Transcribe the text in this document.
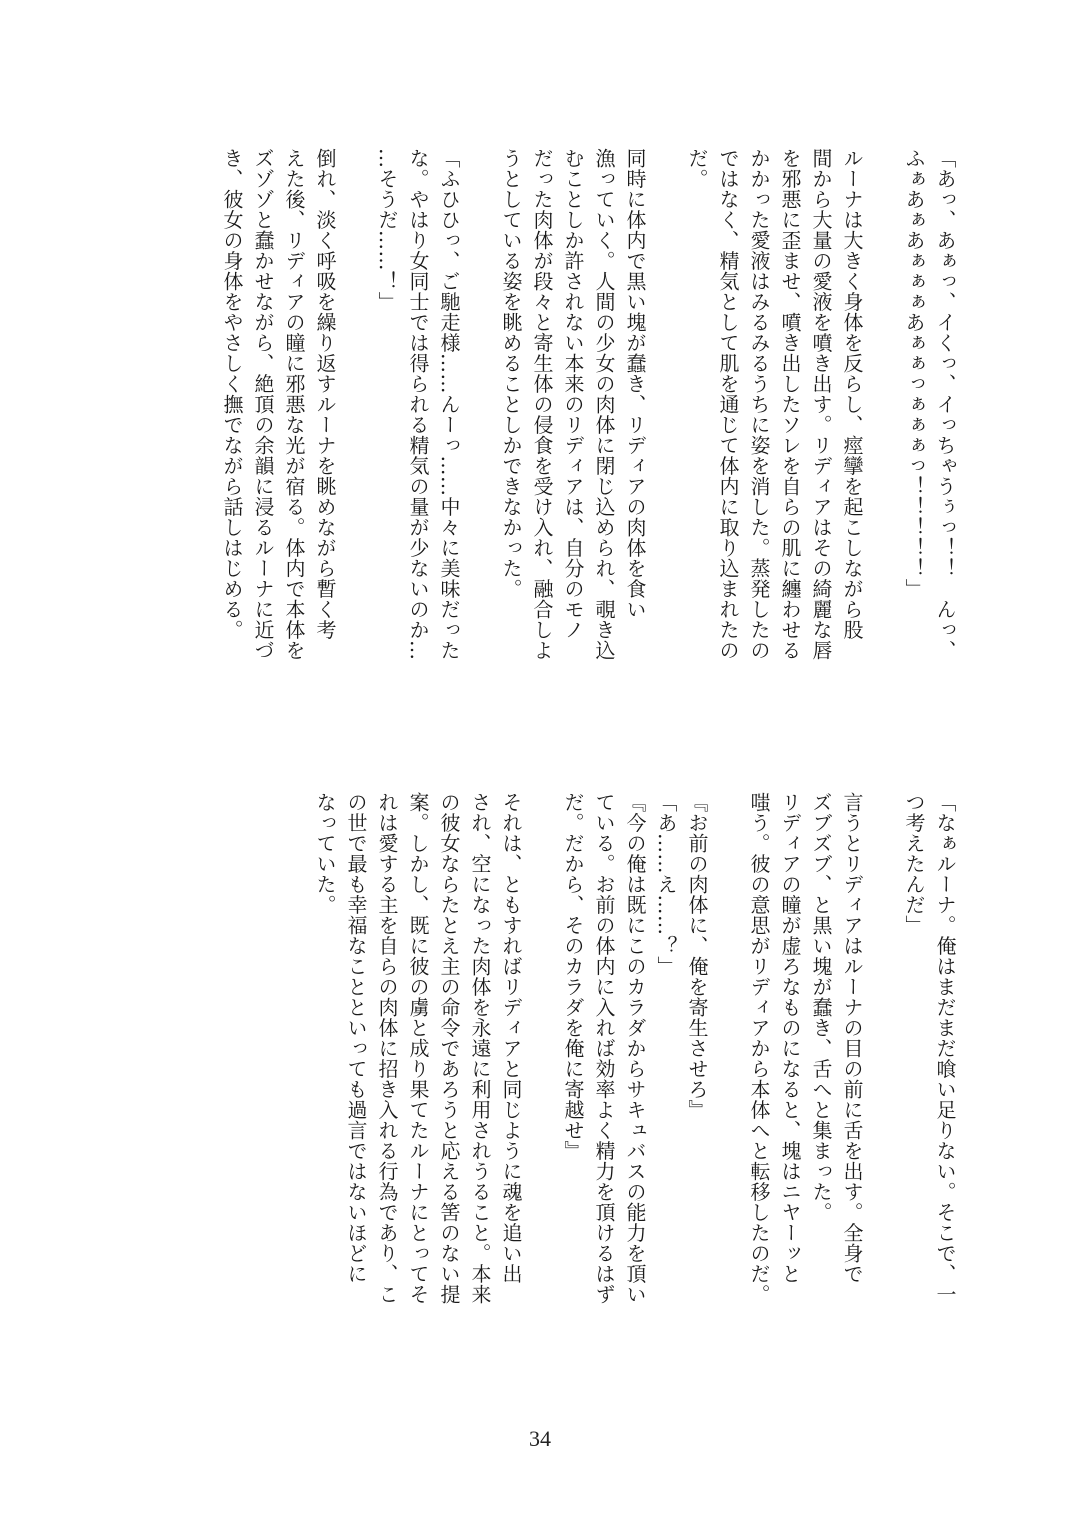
「あっ、あぁっ、イくっ、イっちゃうぅっ！！　んっ、

ふぁあぁあぁぁぁあぁぁっぁぁぁっ！！！！！」

ルーナは大きく身体を反らし、痙攣を起こしながら股

間から大量の愛液を噴き出す。リディアはその綺麗な唇

を邪悪に歪ませ、噴き出したソレを自らの肌に纏わせる

かかった愛液はみるみるうちに姿を消した。蒸発したの

ではなく、精気として肌を通じて体内に取り込まれたの

だ。

同時に体内で黒い塊が蠢き、リディアの肉体を食い

漁っていく。人間の少女の肉体に閉じ込められ、覗き込

むことしか許されない本来のリディアは、自分のモノ

だった肉体が段々と寄生体の侵食を受け入れ、融合しよ

うとしている姿を眺めることしかできなかった。

「ふひひっ、ご馳走様……んーっ……中々に美味だった

な。やはり女同士では得られる精気の量が少ないのか…

…そうだ……！」

倒れ、淡く呼吸を繰り返すルーナを眺めながら暫く考

えた後、リディアの瞳に邪悪な光が宿る。体内で本体を

ズゾゾと蠢かせながら、絶頂の余韻に浸るルーナに近づ

き、彼女の身体をやさしく撫でながら話しはじめる。

「なぁルーナ。俺はまだまだ喰い足りない。そこで、一

つ考えたんだ」

言うとリディアはルーナの目の前に舌を出す。全身で

ズブズブ、と黒い塊が蠢き、舌へと集まった。

リディアの瞳が虚ろなものになると、塊はニヤーッと

嗤う。彼の意思がリディアから本体へと転移したのだ。

『お前の肉体に、俺を寄生させろ』

「あ……え……？」

『今の俺は既にこのカラダからサキュバスの能力を頂い

ている。お前の体内に入れば効率よく精力を頂けるはず

だ。だから、そのカラダを俺に寄越せ』

それは、ともすればリディアと同じように魂を追い出

され、空になった肉体を永遠に利用されうること。本来

の彼女ならたとえ主の命令であろうと応える筈のない提

案。しかし、既に彼の虜と成り果てたルーナにとってそ

れは愛する主を自らの肉体に招き入れる行為であり、こ

の世で最も幸福なことといっても過言ではないほどに

なっていた。

34
